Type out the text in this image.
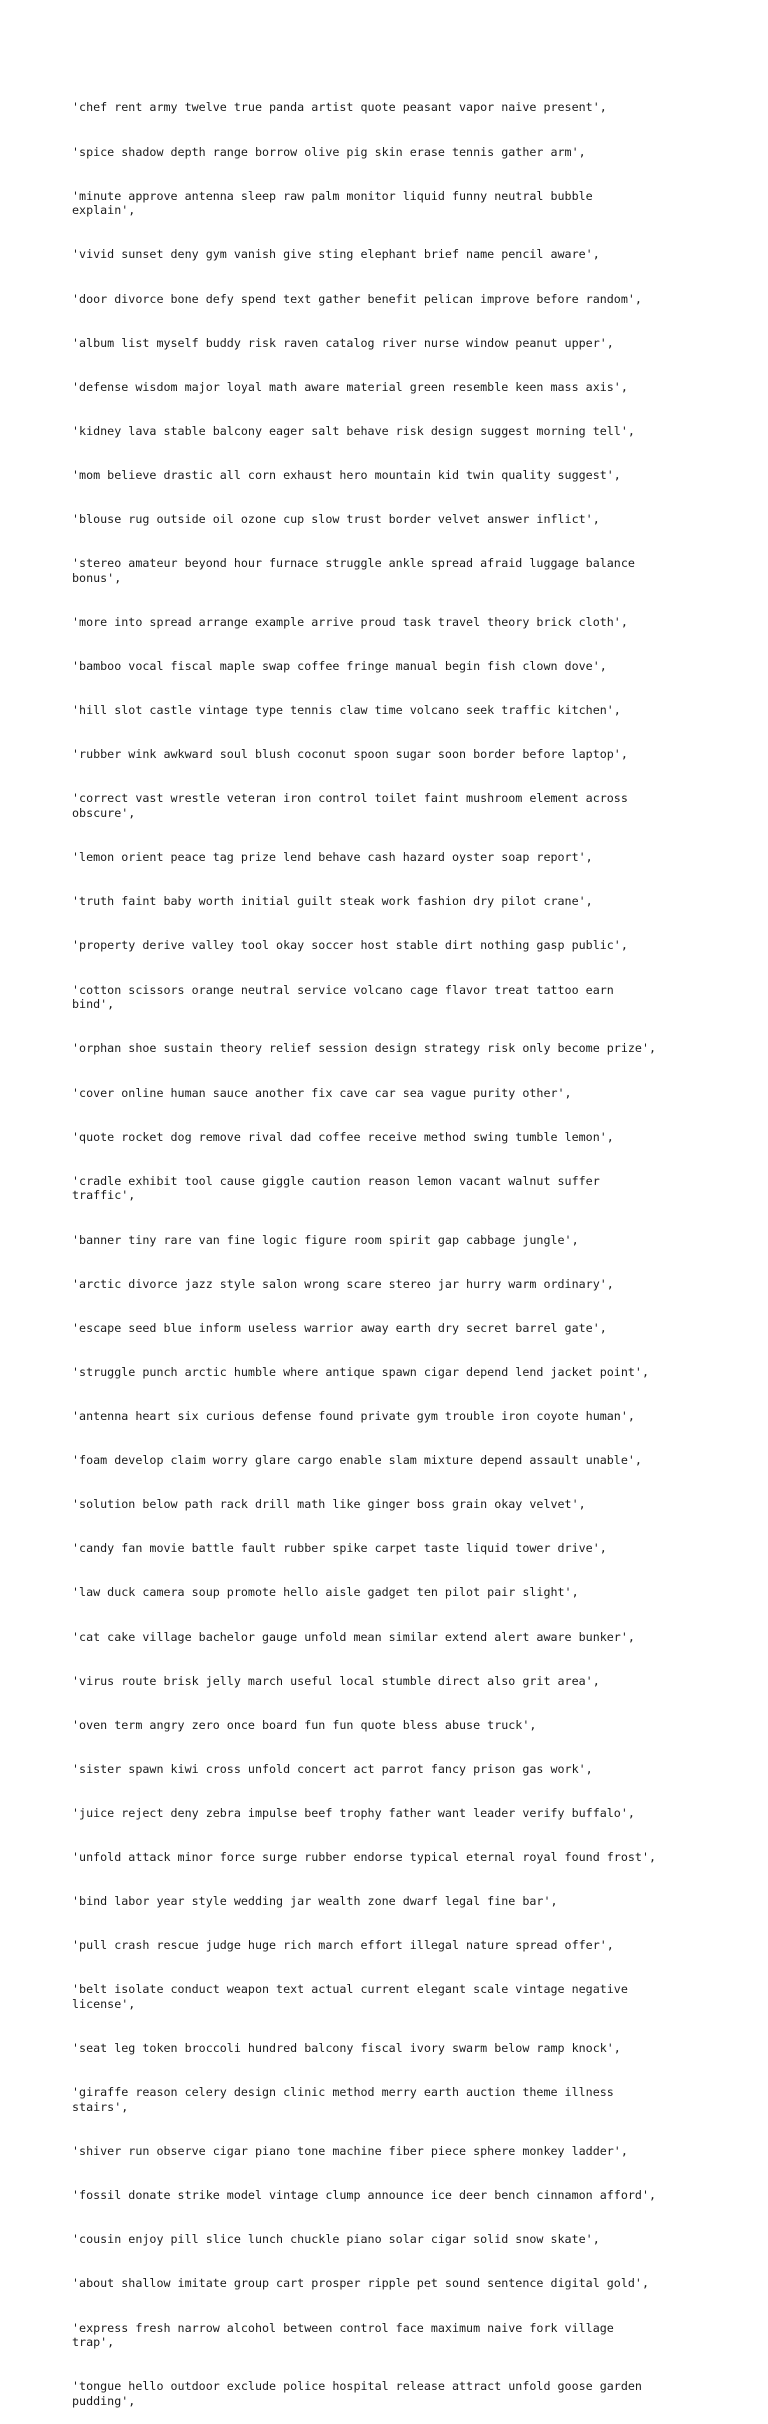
'chef rent army twelve true panda artist quote peasant vapor naive present',

'spice shadow depth range borrow olive pig skin erase tennis gather arm',

'minute approve antenna sleep raw palm monitor liquid funny neutral bubble
explain',

'vivid sunset deny gym vanish give sting elephant brief name pencil aware',

'door divorce bone defy spend text gather benefit pelican improve before random',

'album list myself buddy risk raven catalog river nurse window peanut upper',

'defense wisdom major loyal math aware material green resemble keen mass axis',

'kidney lava stable balcony eager salt behave risk design suggest morning tell',

'mom believe drastic all corn exhaust hero mountain kid twin quality suggest',

'blouse rug outside oil ozone cup slow trust border velvet answer inflict',

'stereo amateur beyond hour furnace struggle ankle spread afraid luggage balance
bonus',

'more into spread arrange example arrive proud task travel theory brick cloth',

'bamboo vocal fiscal maple swap coffee fringe manual begin fish clown dove',

'hill slot castle vintage type tennis claw time volcano seek traffic kitchen',

'rubber wink awkward soul blush coconut spoon sugar soon border before laptop',

'correct vast wrestle veteran iron control toilet faint mushroom element across
obscure',

'lemon orient peace tag prize lend behave cash hazard oyster soap report',

'truth faint baby worth initial guilt steak work fashion dry pilot crane',

'property derive valley tool okay soccer host stable dirt nothing gasp public',

'cotton scissors orange neutral service volcano cage flavor treat tattoo earn
bind',

'orphan shoe sustain theory relief session design strategy risk only become prize',

'cover online human sauce another fix cave car sea vague purity other',

'quote rocket dog remove rival dad coffee receive method swing tumble lemon',

'cradle exhibit tool cause giggle caution reason lemon vacant walnut suffer
traffic',

'banner tiny rare van fine logic figure room spirit gap cabbage jungle',

'arctic divorce jazz style salon wrong scare stereo jar hurry warm ordinary',

'escape seed blue inform useless warrior away earth dry secret barrel gate',

'struggle punch arctic humble where antique spawn cigar depend lend jacket point',

'antenna heart six curious defense found private gym trouble iron coyote human',

'foam develop claim worry glare cargo enable slam mixture depend assault unable',

'solution below path rack drill math like ginger boss grain okay velvet',

'candy fan movie battle fault rubber spike carpet taste liquid tower drive',

'law duck camera soup promote hello aisle gadget ten pilot pair slight',

'cat cake village bachelor gauge unfold mean similar extend alert aware bunker',

'virus route brisk jelly march useful local stumble direct also grit area',

'oven term angry zero once board fun fun quote bless abuse truck',

'sister spawn kiwi cross unfold concert act parrot fancy prison gas work',

'juice reject deny zebra impulse beef trophy father want leader verify buffalo',

'unfold attack minor force surge rubber endorse typical eternal royal found frost',

'bind labor year style wedding jar wealth zone dwarf legal fine bar',

'pull crash rescue judge huge rich march effort illegal nature spread offer',

'belt isolate conduct weapon text actual current elegant scale vintage negative
license',

'seat leg token broccoli hundred balcony fiscal ivory swarm below ramp knock',

'giraffe reason celery design clinic method merry earth auction theme illness
stairs',

'shiver run observe cigar piano tone machine fiber piece sphere monkey ladder',

'fossil donate strike model vintage clump announce ice deer bench cinnamon afford',

'cousin enjoy pill slice lunch chuckle piano solar cigar solid snow skate',

'about shallow imitate group cart prosper ripple pet sound sentence digital gold',

'express fresh narrow alcohol between control face maximum naive fork village
trap',

'tongue hello outdoor exclude police hospital release attract unfold goose garden
pudding',
